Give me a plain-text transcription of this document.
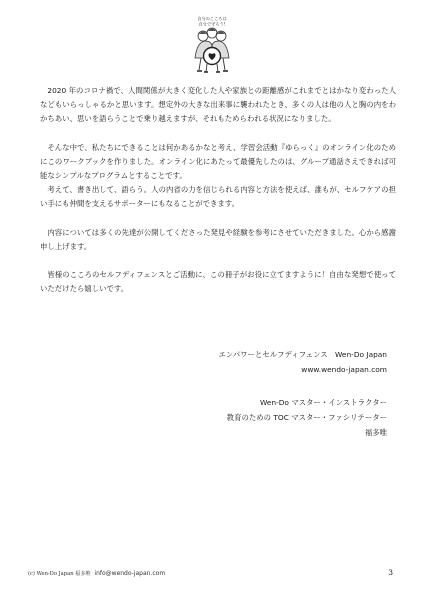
自分のこころは
自分で守ろう!

2020 年のコロナ禍で、人間関係が大きく変化した人や家族との距離感がこれまでとはかなり変わった人などもいらっしゃるかと思います。想定外の大きな出来事に襲われたとき、多くの人は他の人と胸の内をわかちあい、思いを語らうことで乗り越えますが、それもためらわれる状況になりました。

そんな中で、私たちにできることは何かあるかなと考え、学習会活動『ゆらっく』のオンライン化のためにこのワークブックを作りました。オンライン化にあたって最優先したのは、グループ通話さえできれば可能なシンプルなプログラムとすることです。

考えて、書き出して、語らう。人の内省の力を信じられる内容と方法を使えば、誰もが、セルフケアの担い手にも仲間を支えるサポーターにもなることができます。

内容については多くの先達が公開してくださった発見や経験を参考にさせていただきました。心から感謝申し上げます。

皆様のこころのセルフディフェンスとご活動に、この冊子がお役に立てますように！自由な発想で使っていただけたら嬉しいです。

エンパワーとセルフディフェンス　Wen-Do Japan
www.wendo-japan.com
Wen-Do マスター・インストラクター
教育のための TOC マスター・ファシリテーター
福多唯
(c) Wen-Do Japan 福多唯 info@wendo-japan.com	3
